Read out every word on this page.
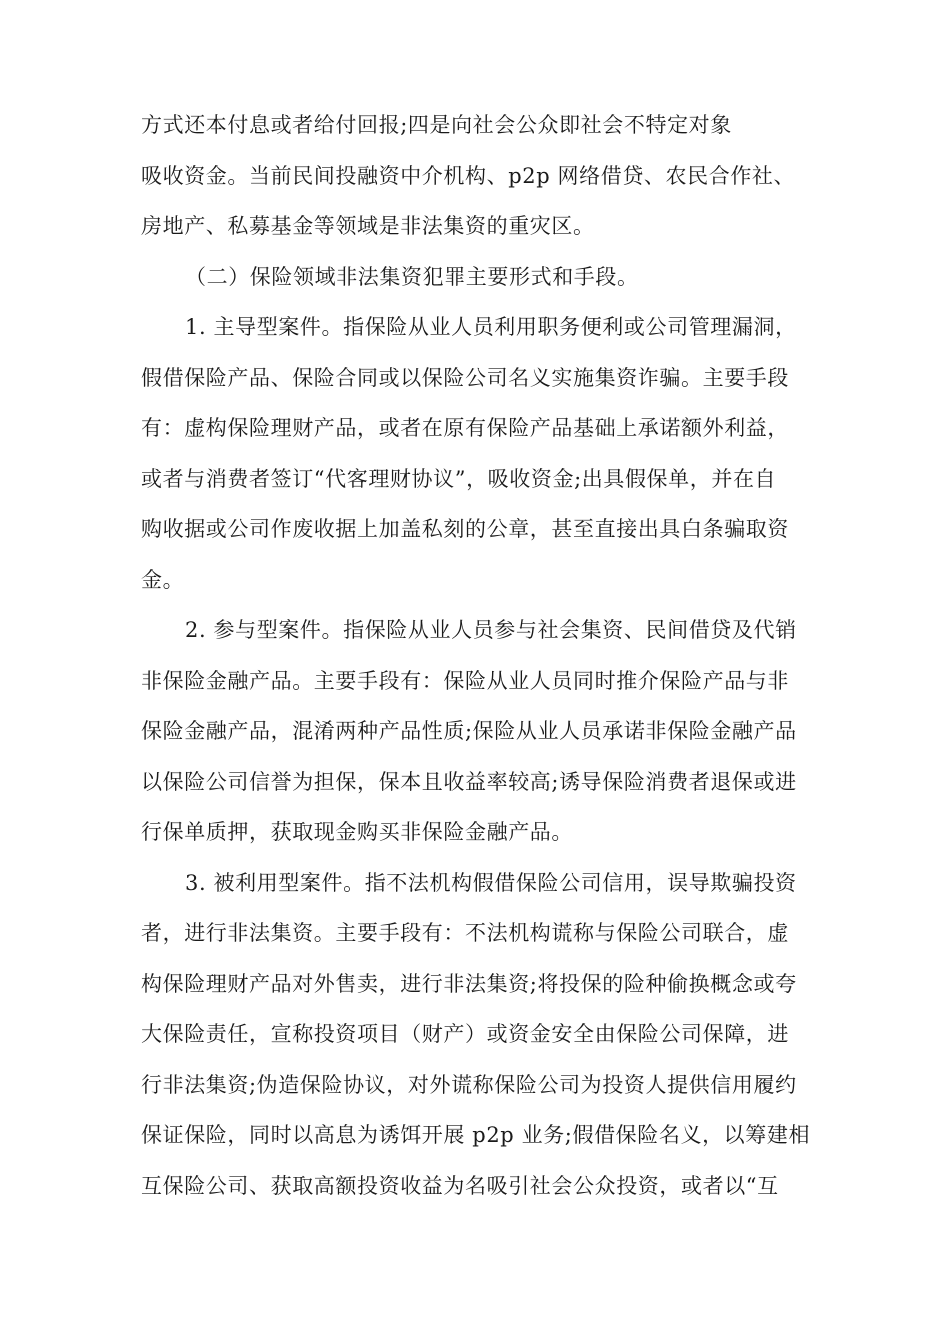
方式还本付息或者给付回报;四是向社会公众即社会不特定对象
吸收资金。当前民间投融资中介机构、p2p 网络借贷、农民合作社、
房地产、私募基金等领域是非法集资的重灾区。

（二）保险领域非法集资犯罪主要形式和手段。

1. 主导型案件。指保险从业人员利用职务便利或公司管理漏洞，
假借保险产品、保险合同或以保险公司名义实施集资诈骗。主要手段
有：虚构保险理财产品，或者在原有保险产品基础上承诺额外利益，
或者与消费者签订“代客理财协议”，吸收资金;出具假保单，并在自
购收据或公司作废收据上加盖私刻的公章，甚至直接出具白条骗取资
金。

2. 参与型案件。指保险从业人员参与社会集资、民间借贷及代销
非保险金融产品。主要手段有：保险从业人员同时推介保险产品与非
保险金融产品，混淆两种产品性质;保险从业人员承诺非保险金融产品
以保险公司信誉为担保，保本且收益率较高;诱导保险消费者退保或进
行保单质押，获取现金购买非保险金融产品。

3. 被利用型案件。指不法机构假借保险公司信用，误导欺骗投资
者，进行非法集资。主要手段有：不法机构谎称与保险公司联合，虚
构保险理财产品对外售卖，进行非法集资;将投保的险种偷换概念或夸
大保险责任，宣称投资项目（财产）或资金安全由保险公司保障，进
行非法集资;伪造保险协议，对外谎称保险公司为投资人提供信用履约
保证保险，同时以高息为诱饵开展 p2p 业务;假借保险名义，以筹建相
互保险公司、获取高额投资收益为名吸引社会公众投资，或者以“互
